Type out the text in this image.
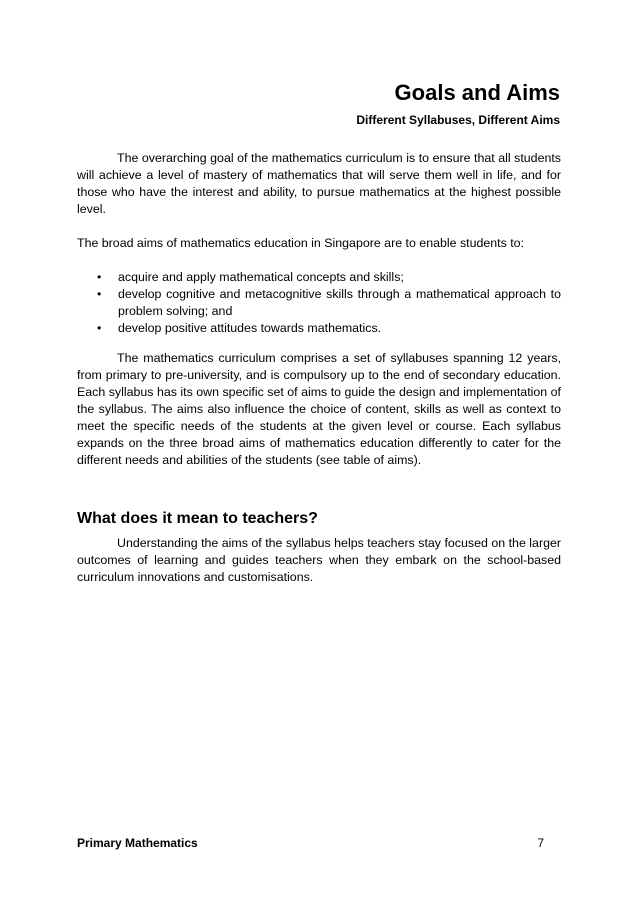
Goals and Aims

Different Syllabuses, Different Aims

The overarching goal of the mathematics curriculum is to ensure that all students will achieve a level of mastery of mathematics that will serve them well in life, and for those who have the interest and ability, to pursue mathematics at the highest possible level.

The broad aims of mathematics education in Singapore are to enable students to:

• acquire and apply mathematical concepts and skills;
• develop cognitive and metacognitive skills through a mathematical approach to problem solving; and
• develop positive attitudes towards mathematics.

The mathematics curriculum comprises a set of syllabuses spanning 12 years, from primary to pre-university, and is compulsory up to the end of secondary education. Each syllabus has its own specific set of aims to guide the design and implementation of the syllabus. The aims also influence the choice of content, skills as well as context to meet the specific needs of the students at the given level or course. Each syllabus expands on the three broad aims of mathematics education differently to cater for the different needs and abilities of the students (see table of aims).

What does it mean to teachers?

Understanding the aims of the syllabus helps teachers stay focused on the larger outcomes of learning and guides teachers when they embark on the school-based curriculum innovations and customisations.

Primary Mathematics	7
